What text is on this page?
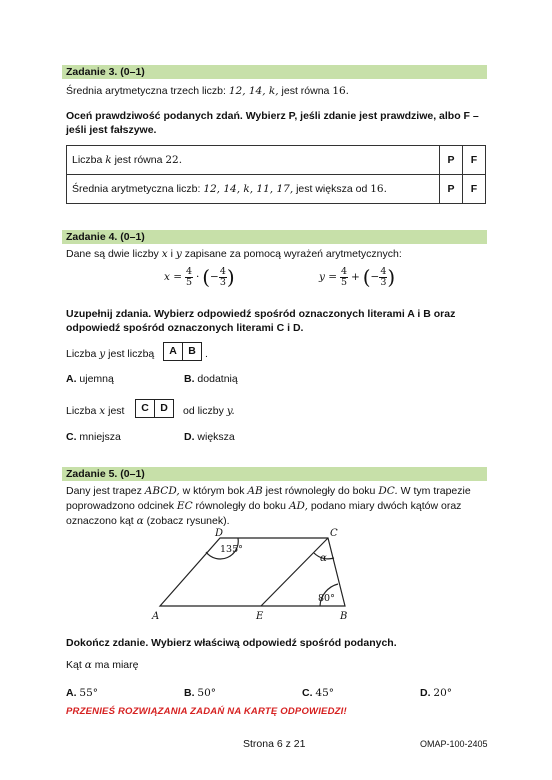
Zadanie 3. (0–1)
Średnia arytmetyczna trzech liczb: 12, 14, k, jest równa 16.
Oceń prawdziwość podanych zdań. Wybierz P, jeśli zdanie jest prawdziwe, albo F –
jeśli jest fałszywe.
Liczba k jest równa 22.	P	F
Średnia arytmetyczna liczb: 12, 14, k, 11, 17, jest większa od 16.	P	F
Zadanie 4. (0–1)
Dane są dwie liczby x i y zapisane za pomocą wyrażeń arytmetycznych:
$x = \frac{4}{5}$ · (− $\frac{4}{3}$ )	$y = \frac{4}{5}$ + (− $\frac{4}{3}$ )
Uzupełnij zdania. Wybierz odpowiedź spośród oznaczonych literami A i B oraz
odpowiedź spośród oznaczonych literami C i D.
Liczba y jest liczbą	A	B .
A. ujemną	B. dodatnią
Liczba x jest	C	D	od liczby y.
C. mniejsza	D. większa
Zadanie 5. (0–1)
Dany jest trapez ABCD, w którym bok AB jest równoległy do boku DC. W tym trapezie
poprowadzono odcinek EC równoległy do boku AD, podano miary dwóch kątów oraz
oznaczono kąt α (zobacz rysunek).
D	C
A	E	B
α
135°
80°
Dokończ zdanie. Wybierz właściwą odpowiedź spośród podanych.
Kąt α ma miarę
A. 55°	B. 50°	C. 45°	D. 20°
PRZENIEŚ ROZWIĄZANIA ZADAŃ NA KARTĘ ODPOWIEDZI!
Strona 6 z 21	OMAP-100-2405
